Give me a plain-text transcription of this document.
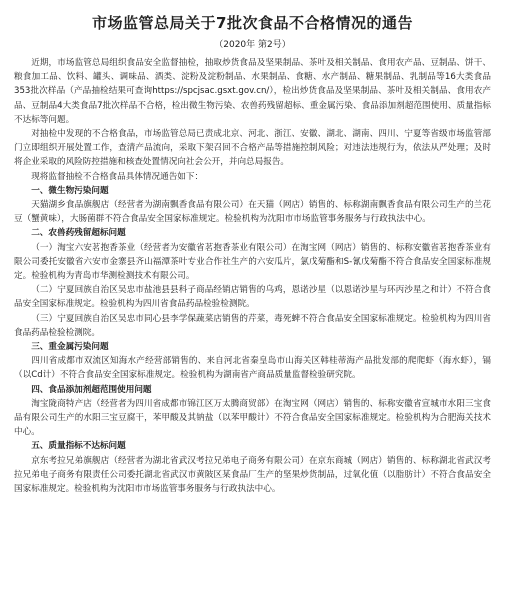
市场监管总局关于7批次食品不合格情况的通告
（2020年 第2号）

近期，市场监管总局组织食品安全监督抽检，抽取炒货食品及坚果制品、茶叶及相关制品、食用农产品、豆制品、饼干、粮食加工品、饮料、罐头、调味品、酒类、淀粉及淀粉制品、水果制品、食糖、水产制品、糖果制品、乳制品等16大类食品353批次样品（产品抽检结果可查询https://spcjsac.gsxt.gov.cn/），检出炒货食品及坚果制品、茶叶及相关制品、食用农产品、豆制品4大类食品7批次样品不合格，检出微生物污染、农兽药残留超标、重金属污染、食品添加剂超范围使用、质量指标不达标等问题。

对抽检中发现的不合格食品，市场监管总局已责成北京、河北、浙江、安徽、湖北、湖南、四川、宁夏等省级市场监管部门立即组织开展处置工作，查清产品流向，采取下架召回不合格产品等措施控制风险；对违法违规行为，依法从严处理；及时将企业采取的风险防控措施和核查处置情况向社会公开，并向总局报告。

现将监督抽检不合格食品具体情况通告如下：

一、微生物污染问题

天猫湖乡食品旗舰店（经营者为湖南飘香食品有限公司）在天猫（网店）销售的、标称湖南飘香食品有限公司生产的兰花豆（蟹黄味），大肠菌群不符合食品安全国家标准规定。检验机构为沈阳市市场监管事务服务与行政执法中心。

二、农兽药残留超标问题

（一）淘宝六安茗抱香茶业（经营者为安徽省茗抱香茶业有限公司）在淘宝网（网店）销售的、标称安徽省茗抱香茶业有限公司委托安徽省六安市金寨县齐山福潭茶叶专业合作社生产的六安瓜片，氯戊菊酯和S-氰戊菊酯不符合食品安全国家标准规定。检验机构为青岛市华测检测技术有限公司。

（二）宁夏回族自治区吴忠市盐池县县科子商品经销店销售的乌鸡，恩诺沙星（以恩诺沙星与环丙沙星之和计）不符合食品安全国家标准规定。检验机构为四川省食品药品检验检测院。

（三）宁夏回族自治区吴忠市同心县李学保蔬菜店销售的芹菜，毒死蜱不符合食品安全国家标准规定。检验机构为四川省食品药品检验检测院。

三、重金属污染问题

四川省成都市双流区知海水产经营部销售的、来自河北省秦皇岛市山海关区韩桂蒂海产品批发部的爬爬虾（海水虾），镉（以Cd计）不符合食品安全国家标准规定。检验机构为湖南省产商品质量监督检验研究院。

四、食品添加剂超范围使用问题

淘宝陇商特产店（经营者为四川省成都市锦江区万太腾商贸部）在淘宝网（网店）销售的、标称安徽省宣城市水阳三宝食品有限公司生产的水阳三宝豆腐干，苯甲酸及其钠盐（以苯甲酸计）不符合食品安全国家标准规定。检验机构为合肥海关技术中心。

五、质量指标不达标问题

京东考拉兄弟旗舰店（经营者为湖北省武汉考拉兄弟电子商务有限公司）在京东商城（网店）销售的、标称湖北省武汉考拉兄弟电子商务有限责任公司委托湖北省武汉市黄陂区某食品厂生产的坚果炒货制品，过氧化值（以脂肪计）不符合食品安全国家标准规定。检验机构为沈阳市市场监管事务服务与行政执法中心。
